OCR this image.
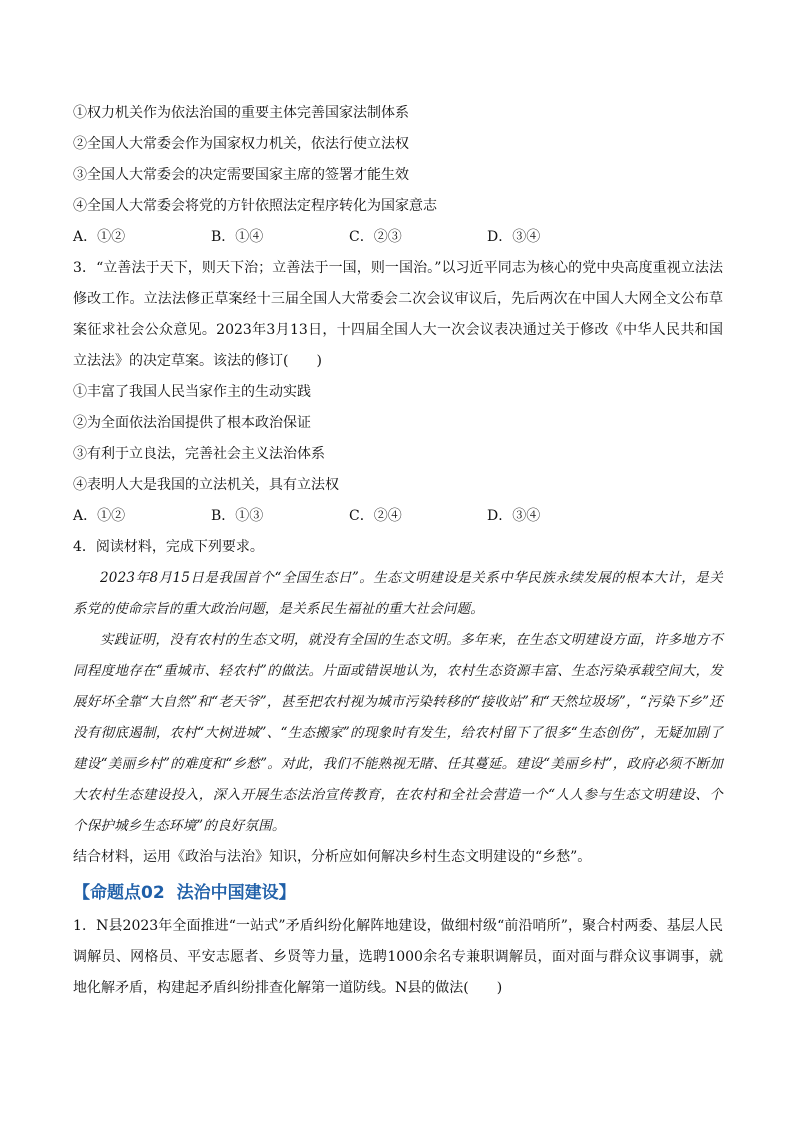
①权力机关作为依法治国的重要主体完善国家法制体系
②全国人大常委会作为国家权力机关，依法行使立法权
③全国人大常委会的决定需要国家主席的签署才能生效
④全国人大常委会将党的方针依照法定程序转化为国家意志
A．①②	B．①④	C．②③	D．③④
3．“立善法于天下，则天下治；立善法于一国，则一国治。”以习近平同志为核心的党中央高度重视立法法修改工作。立法法修正草案经十三届全国人大常委会二次会议审议后，先后两次在中国人大网全文公布草案征求社会公众意见。2023年3月13日，十四届全国人大一次会议表决通过关于修改《中华人民共和国立法法》的决定草案。该法的修订(　　)
①丰富了我国人民当家作主的生动实践
②为全面依法治国提供了根本政治保证
③有利于立良法，完善社会主义法治体系
④表明人大是我国的立法机关，具有立法权
A．①②	B．①③	C．②④	D．③④
4．阅读材料，完成下列要求。
2023年8月15日是我国首个“全国生态日”。生态文明建设是关系中华民族永续发展的根本大计，是关系党的使命宗旨的重大政治问题，是关系民生福祉的重大社会问题。
实践证明，没有农村的生态文明，就没有全国的生态文明。多年来，在生态文明建设方面，许多地方不同程度地存在“重城市、轻农村”的做法。片面或错误地认为，农村生态资源丰富、生态污染承载空间大，发展好坏全靠“大自然”和“老天爷”，甚至把农村视为城市污染转移的“接收站”和“天然垃圾场”，“污染下乡”还没有彻底遏制，农村“大树进城”、“生态搬家”的现象时有发生，给农村留下了很多“生态创伤”，无疑加剧了建设“美丽乡村”的难度和“乡愁”。对此，我们不能熟视无睹、任其蔓延。建设“美丽乡村”，政府必须不断加大农村生态建设投入，深入开展生态法治宣传教育，在农村和全社会营造一个“人人参与生态文明建设、个个保护城乡生态环境”的良好氛围。
结合材料，运用《政治与法治》知识，分析应如何解决乡村生态文明建设的“乡愁”。
【命题点02 法治中国建设】
1．N县2023年全面推进“一站式”矛盾纠纷化解阵地建设，做细村级“前沿哨所”，聚合村两委、基层人民调解员、网格员、平安志愿者、乡贤等力量，选聘1000余名专兼职调解员，面对面与群众议事调事，就地化解矛盾，构建起矛盾纠纷排查化解第一道防线。N县的做法(　　)
